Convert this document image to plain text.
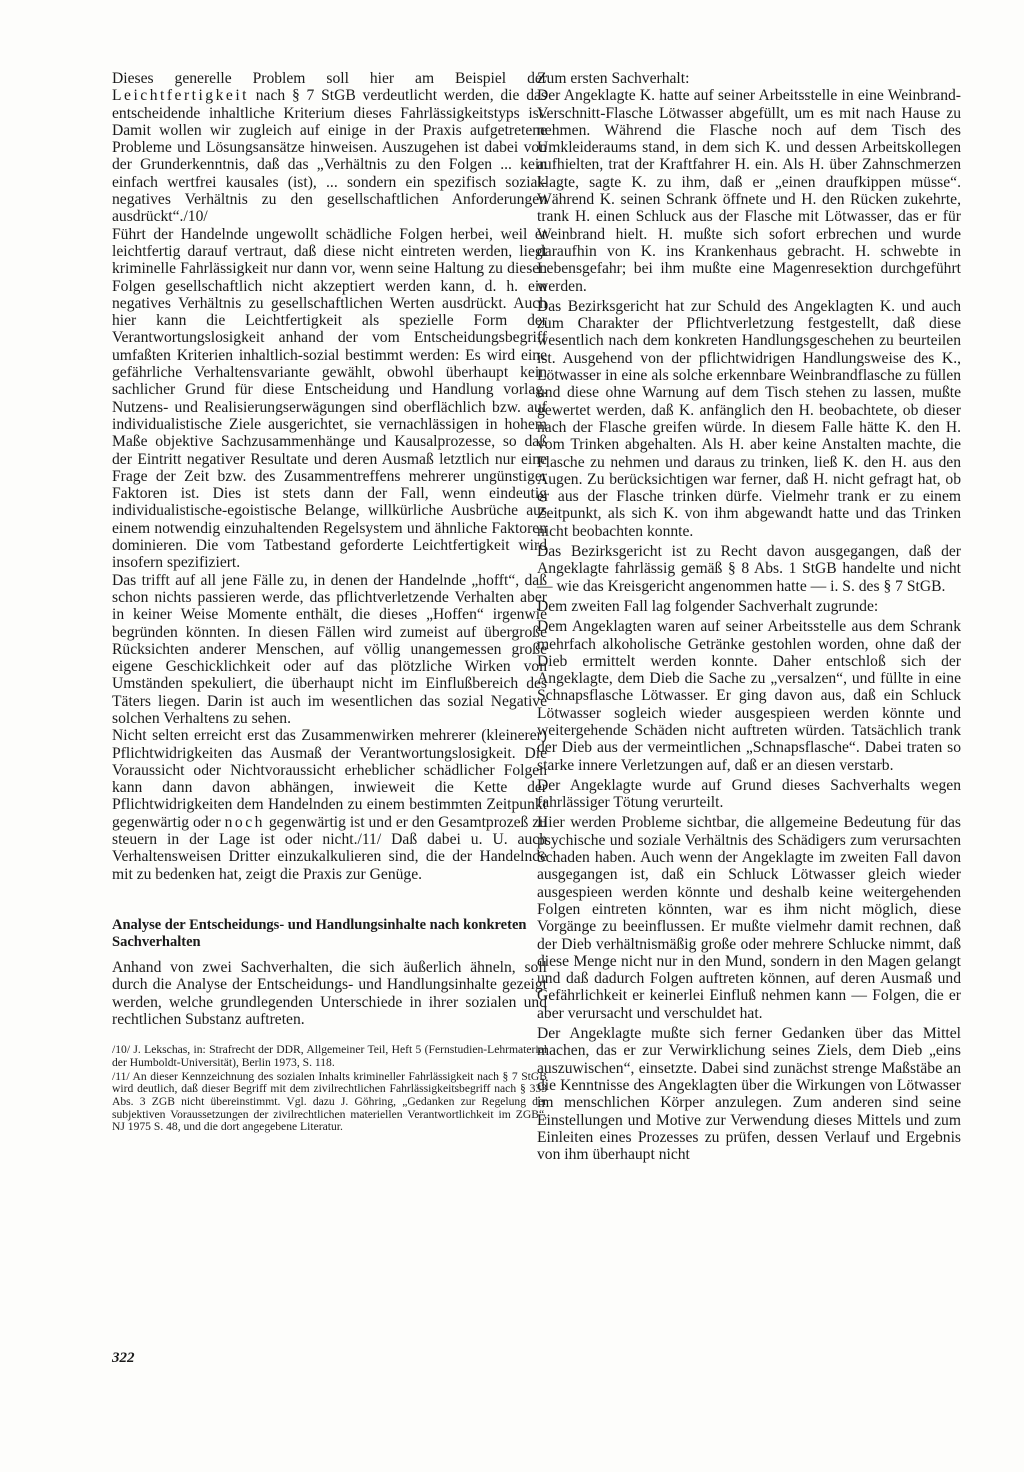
Dieses generelle Problem soll hier am Beispiel der Leichtfertigkeit nach § 7 StGB verdeutlicht werden, die das entscheidende inhaltliche Kriterium dieses Fahrlässigkeitstyps ist. Damit wollen wir zugleich auf einige in der Praxis aufgetretene Probleme und Lösungsansätze hinweisen. Auszugehen ist dabei von der Grunderkenntnis, daß das „Verhältnis zu den Folgen ... kein einfach wertfrei kausales (ist), ... sondern ein spezifisch sozial-negatives Verhältnis zu den gesellschaftlichen Anforderungen ausdrückt“./10/

Führt der Handelnde ungewollt schädliche Folgen herbei, weil er leichtfertig darauf vertraut, daß diese nicht eintreten werden, liegt kriminelle Fahrlässigkeit nur dann vor, wenn seine Haltung zu diesen Folgen gesellschaftlich nicht akzeptiert werden kann, d. h. ein negatives Verhältnis zu gesellschaftlichen Werten ausdrückt. Auch hier kann die Leichtfertigkeit als spezielle Form der Verantwortungslosigkeit anhand der vom Entscheidungsbegriff umfaßten Kriterien inhaltlich-sozial bestimmt werden: Es wird eine gefährliche Verhaltensvariante gewählt, obwohl überhaupt kein sachlicher Grund für diese Entscheidung und Handlung vorlag. Nutzens- und Realisierungserwägungen sind oberflächlich bzw. auf individualistische Ziele ausgerichtet, sie vernachlässigen in hohem Maße objektive Sachzusammenhänge und Kausalprozesse, so daß der Eintritt negativer Resultate und deren Ausmaß letztlich nur eine Frage der Zeit bzw. des Zusammentreffens mehrerer ungünstiger Faktoren ist. Dies ist stets dann der Fall, wenn eindeutig individualistische-egoistische Belange, willkürliche Ausbrüche aus einem notwendig einzuhaltenden Regelsystem und ähnliche Faktoren dominieren. Die vom Tatbestand geforderte Leichtfertigkeit wird insofern spezifiziert.

Das trifft auf all jene Fälle zu, in denen der Handelnde „hofft“, daß schon nichts passieren werde, das pflichtverletzende Verhalten aber in keiner Weise Momente enthält, die dieses „Hoffen“ irgenwie begründen könnten. In diesen Fällen wird zumeist auf übergroße Rücksichten anderer Menschen, auf völlig unangemessen große eigene Geschicklichkeit oder auf das plötzliche Wirken von Umständen spekuliert, die überhaupt nicht im Einflußbereich des Täters liegen. Darin ist auch im wesentlichen das sozial Negative solchen Verhaltens zu sehen.

Nicht selten erreicht erst das Zusammenwirken mehrerer (kleinerer) Pflichtwidrigkeiten das Ausmaß der Verantwortungslosigkeit. Die Voraussicht oder Nichtvoraussicht erheblicher schädlicher Folgen kann dann davon abhängen, inwieweit die Kette der Pflichtwidrigkeiten dem Handelnden zu einem bestimmten Zeitpunkt gegenwärtig oder noch gegenwärtig ist und er den Gesamtprozeß zu steuern in der Lage ist oder nicht./11/ Daß dabei u. U. auch Verhaltensweisen Dritter einzukalkulieren sind, die der Handelnde mit zu bedenken hat, zeigt die Praxis zur Genüge.

Analyse der Entscheidungs- und Handlungsinhalte nach konkreten Sachverhalten

Anhand von zwei Sachverhalten, die sich äußerlich ähneln, soll durch die Analyse der Entscheidungs- und Handlungsinhalte gezeigt werden, welche grundlegenden Unterschiede in ihrer sozialen und rechtlichen Substanz auftreten.

/10/ J. Lekschas, in: Strafrecht der DDR, Allgemeiner Teil, Heft 5 (Fernstudien-Lehrmaterial der Humboldt-Universität), Berlin 1973, S. 118.

/11/ An dieser Kennzeichnung des sozialen Inhalts krimineller Fahrlässigkeit nach § 7 StGB wird deutlich, daß dieser Begriff mit dem zivilrechtlichen Fahrlässigkeitsbegriff nach § 333 Abs. 3 ZGB nicht übereinstimmt. Vgl. dazu J. Göhring, „Gedanken zur Regelung der subjektiven Voraussetzungen der zivilrechtlichen materiellen Verantwortlichkeit im ZGB“, NJ 1975 S. 48, und die dort angegebene Literatur.

Zum ersten Sachverhalt:

Der Angeklagte K. hatte auf seiner Arbeitsstelle in eine Weinbrand-Verschnitt-Flasche Lötwasser abgefüllt, um es mit nach Hause zu nehmen. Während die Flasche noch auf dem Tisch des Umkleideraums stand, in dem sich K. und dessen Arbeitskollegen aufhielten, trat der Kraftfahrer H. ein. Als H. über Zahnschmerzen klagte, sagte K. zu ihm, daß er „einen draufkippen müsse“. Während K. seinen Schrank öffnete und H. den Rücken zukehrte, trank H. einen Schluck aus der Flasche mit Lötwasser, das er für Weinbrand hielt. H. mußte sich sofort erbrechen und wurde daraufhin von K. ins Krankenhaus gebracht. H. schwebte in Lebensgefahr; bei ihm mußte eine Magenresektion durchgeführt werden.

Das Bezirksgericht hat zur Schuld des Angeklagten K. und auch zum Charakter der Pflichtverletzung festgestellt, daß diese wesentlich nach dem konkreten Handlungsgeschehen zu beurteilen ist. Ausgehend von der pflichtwidrigen Handlungsweise des K., Lötwasser in eine als solche erkennbare Weinbrandflasche zu füllen und diese ohne Warnung auf dem Tisch stehen zu lassen, mußte gewertet werden, daß K. anfänglich den H. beobachtete, ob dieser nach der Flasche greifen würde. In diesem Falle hätte K. den H. vom Trinken abgehalten. Als H. aber keine Anstalten machte, die Flasche zu nehmen und daraus zu trinken, ließ K. den H. aus den Augen. Zu berücksichtigen war ferner, daß H. nicht gefragt hat, ob er aus der Flasche trinken dürfe. Vielmehr trank er zu einem Zeitpunkt, als sich K. von ihm abgewandt hatte und das Trinken nicht beobachten konnte.

Das Bezirksgericht ist zu Recht davon ausgegangen, daß der Angeklagte fahrlässig gemäß § 8 Abs. 1 StGB handelte und nicht — wie das Kreisgericht angenommen hatte — i. S. des § 7 StGB.

Dem zweiten Fall lag folgender Sachverhalt zugrunde:

Dem Angeklagten waren auf seiner Arbeitsstelle aus dem Schrank mehrfach alkoholische Getränke gestohlen worden, ohne daß der Dieb ermittelt werden konnte. Daher entschloß sich der Angeklagte, dem Dieb die Sache zu „versalzen“, und füllte in eine Schnapsflasche Lötwasser. Er ging davon aus, daß ein Schluck Lötwasser sogleich wieder ausgespieen werden könnte und weitergehende Schäden nicht auftreten würden. Tatsächlich trank der Dieb aus der vermeintlichen „Schnapsflasche“. Dabei traten so starke innere Verletzungen auf, daß er an diesen verstarb.

Der Angeklagte wurde auf Grund dieses Sachverhalts wegen fahrlässiger Tötung verurteilt.

Hier werden Probleme sichtbar, die allgemeine Bedeutung für das psychische und soziale Verhältnis des Schädigers zum verursachten Schaden haben. Auch wenn der Angeklagte im zweiten Fall davon ausgegangen ist, daß ein Schluck Lötwasser gleich wieder ausgespieen werden könnte und deshalb keine weitergehenden Folgen eintreten könnten, war es ihm nicht möglich, diese Vorgänge zu beeinflussen. Er mußte vielmehr damit rechnen, daß der Dieb verhältnismäßig große oder mehrere Schlucke nimmt, daß diese Menge nicht nur in den Mund, sondern in den Magen gelangt und daß dadurch Folgen auftreten können, auf deren Ausmaß und Gefährlichkeit er keinerlei Einfluß nehmen kann — Folgen, die er aber verursacht und verschuldet hat.

Der Angeklagte mußte sich ferner Gedanken über das Mittel machen, das er zur Verwirklichung seines Ziels, dem Dieb „eins auszuwischen“, einsetzte. Dabei sind zunächst strenge Maßstäbe an die Kenntnisse des Angeklagten über die Wirkungen von Lötwasser im menschlichen Körper anzulegen. Zum anderen sind seine Einstellungen und Motive zur Verwendung dieses Mittels und zum Einleiten eines Prozesses zu prüfen, dessen Verlauf und Ergebnis von ihm überhaupt nicht

322
